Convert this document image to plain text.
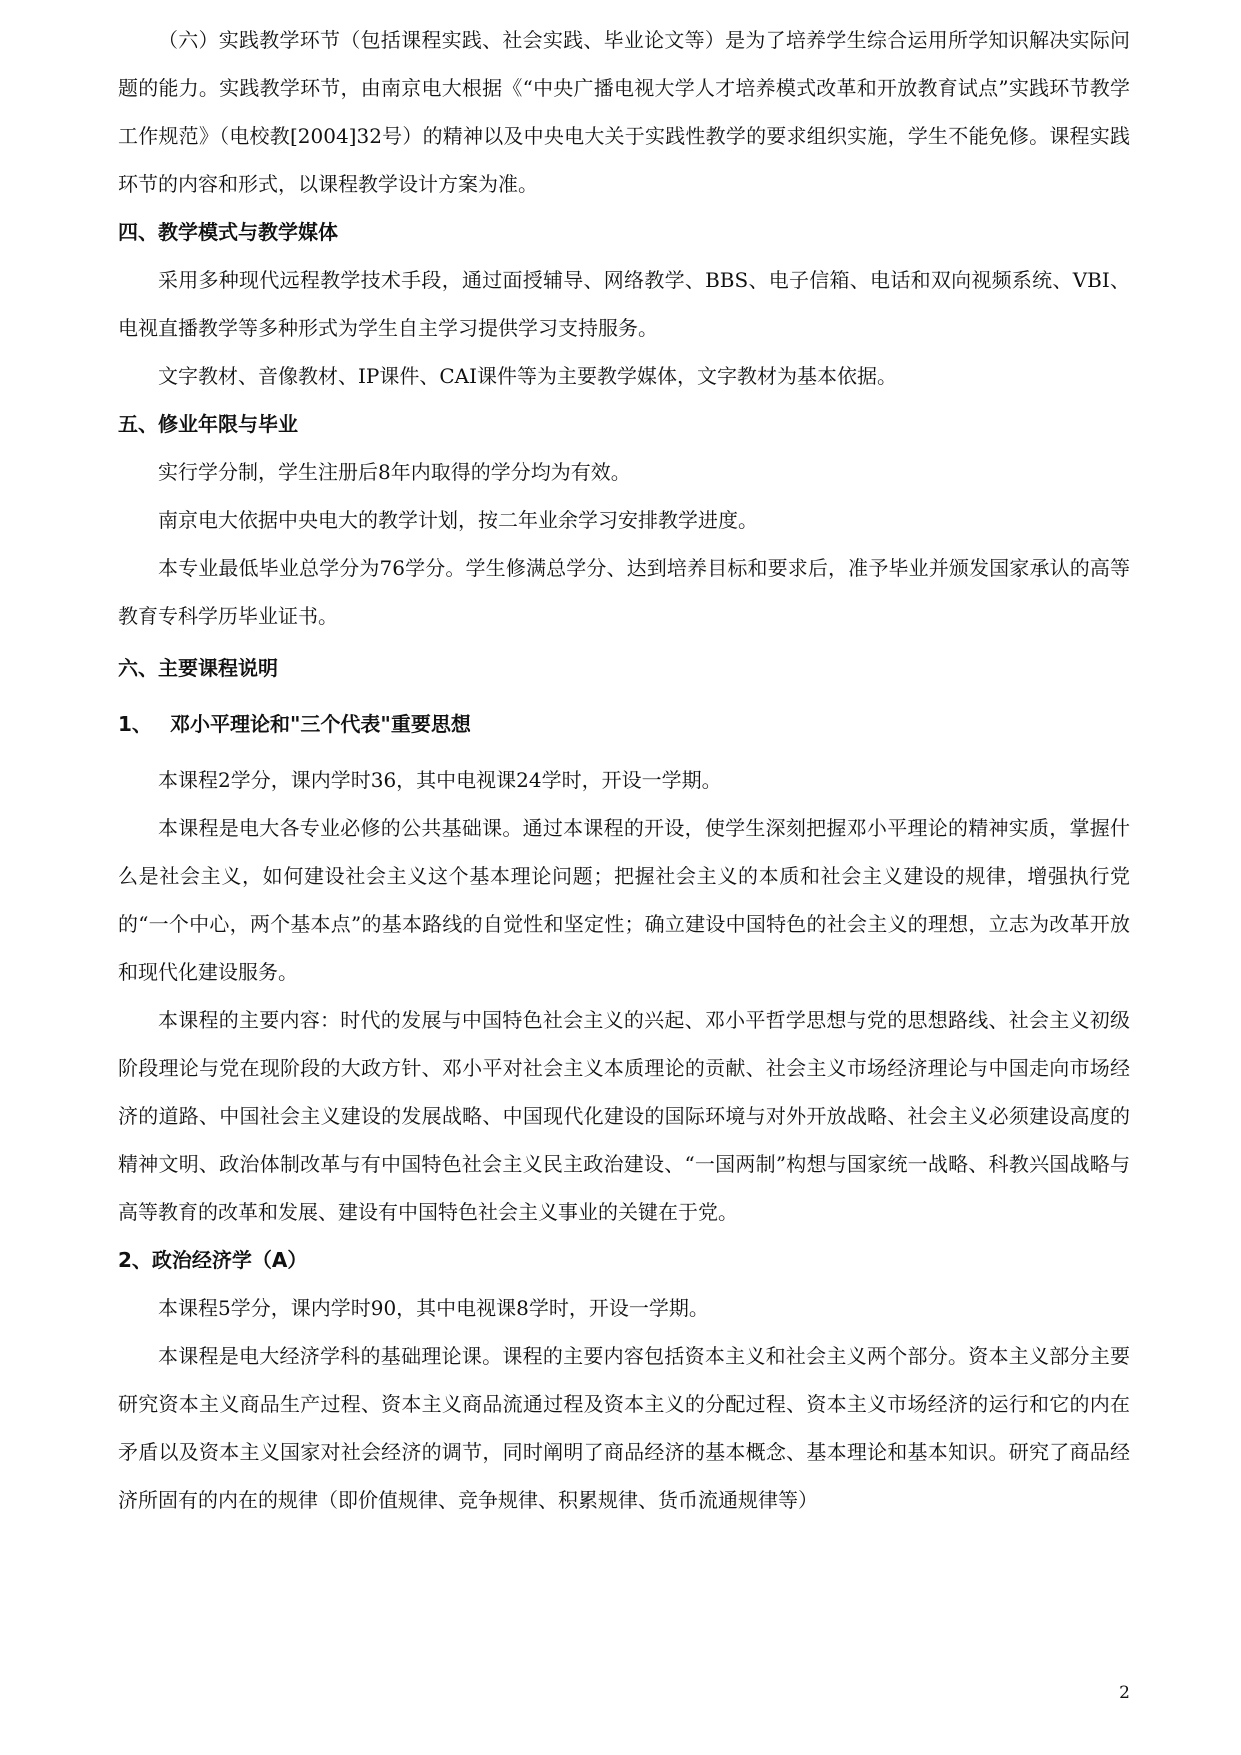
（六）实践教学环节（包括课程实践、社会实践、毕业论文等）是为了培养学生综合运用所学知识解决实际问题的能力。实践教学环节，由南京电大根据《“中央广播电视大学人才培养模式改革和开放教育试点”实践环节教学工作规范》（电校教[2004]32号）的精神以及中央电大关于实践性教学的要求组织实施，学生不能免修。课程实践环节的内容和形式，以课程教学设计方案为准。

四、教学模式与教学媒体

采用多种现代远程教学技术手段，通过面授辅导、网络教学、BBS、电子信箱、电话和双向视频系统、VBI、电视直播教学等多种形式为学生自主学习提供学习支持服务。

文字教材、音像教材、IP课件、CAI课件等为主要教学媒体，文字教材为基本依据。

五、修业年限与毕业

实行学分制，学生注册后8年内取得的学分均为有效。

南京电大依据中央电大的教学计划，按二年业余学习安排教学进度。

本专业最低毕业总学分为76学分。学生修满总学分、达到培养目标和要求后，准予毕业并颁发国家承认的高等教育专科学历毕业证书。

六、主要课程说明
1、 邓小平理论和"三个代表"重要思想

本课程2学分，课内学时36，其中电视课24学时，开设一学期。

本课程是电大各专业必修的公共基础课。通过本课程的开设，使学生深刻把握邓小平理论的精神实质，掌握什么是社会主义，如何建设社会主义这个基本理论问题；把握社会主义的本质和社会主义建设的规律，增强执行党的“一个中心，两个基本点”的基本路线的自觉性和坚定性；确立建设中国特色的社会主义的理想，立志为改革开放和现代化建设服务。

本课程的主要内容：时代的发展与中国特色社会主义的兴起、邓小平哲学思想与党的思想路线、社会主义初级阶段理论与党在现阶段的大政方针、邓小平对社会主义本质理论的贡献、社会主义市场经济理论与中国走向市场经济的道路、中国社会主义建设的发展战略、中国现代化建设的国际环境与对外开放战略、社会主义必须建设高度的精神文明、政治体制改革与有中国特色社会主义民主政治建设、“一国两制”构想与国家统一战略、科教兴国战略与高等教育的改革和发展、建设有中国特色社会主义事业的关键在于党。

2、政治经济学（A）

本课程5学分，课内学时90，其中电视课8学时，开设一学期。

本课程是电大经济学科的基础理论课。课程的主要内容包括资本主义和社会主义两个部分。资本主义部分主要研究资本主义商品生产过程、资本主义商品流通过程及资本主义的分配过程、资本主义市场经济的运行和它的内在矛盾以及资本主义国家对社会经济的调节，同时阐明了商品经济的基本概念、基本理论和基本知识。研究了商品经济所固有的内在的规律（即价值规律、竞争规律、积累规律、货币流通规律等）

2
